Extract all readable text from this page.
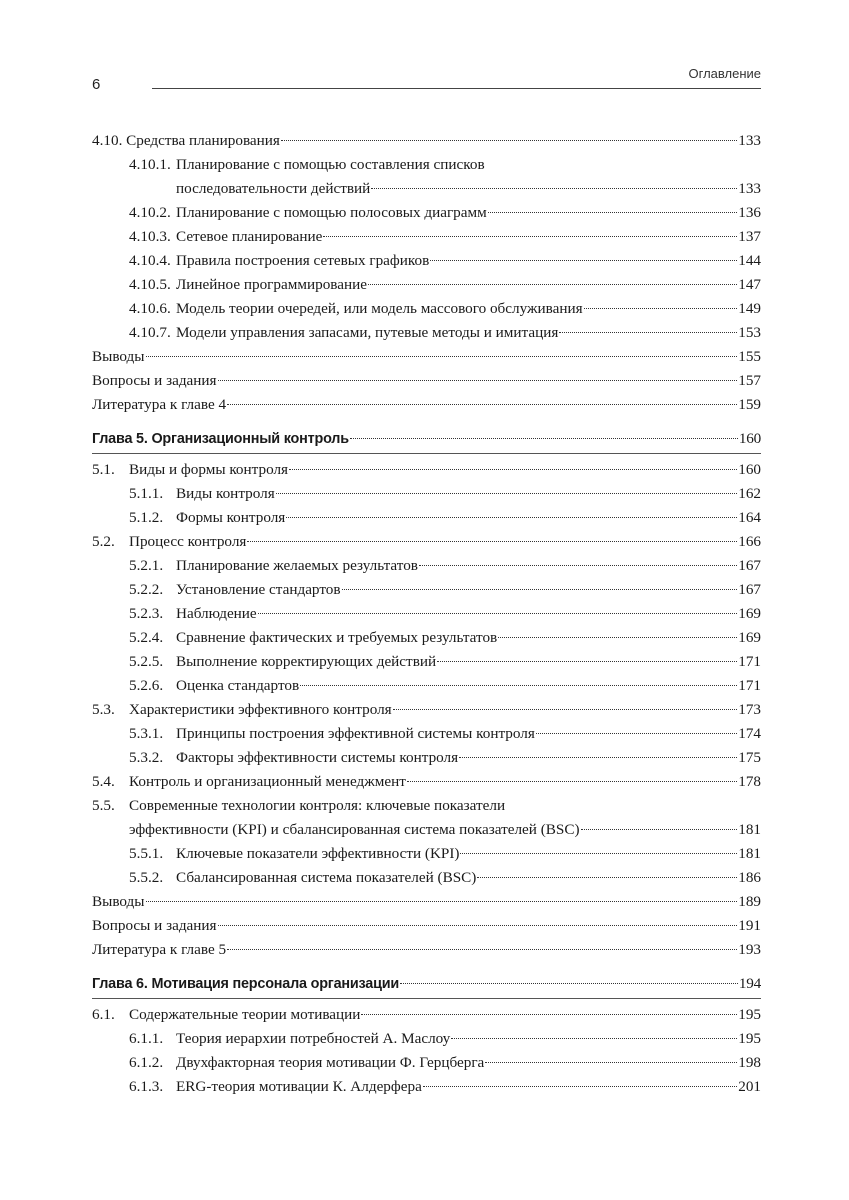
6
Оглавление
4.10. Средства планирования	133
4.10.1. Планирование с помощью составления списков
последовательности действий	133
4.10.2. Планирование с помощью полосовых диаграмм	136
4.10.3. Сетевое планирование	137
4.10.4. Правила построения сетевых графиков	144
4.10.5. Линейное программирование	147
4.10.6. Модель теории очередей, или модель массового обслуживания	149
4.10.7. Модели управления запасами, путевые методы и имитация	153
Выводы	155
Вопросы и задания	157
Литература к главе 4	159
Глава 5. Организационный контроль	160
5.1. Виды и формы контроля	160
5.1.1. Виды контроля	162
5.1.2. Формы контроля	164
5.2. Процесс контроля	166
5.2.1. Планирование желаемых результатов	167
5.2.2. Установление стандартов	167
5.2.3. Наблюдение	169
5.2.4. Сравнение фактических и требуемых результатов	169
5.2.5. Выполнение корректирующих действий	171
5.2.6. Оценка стандартов	171
5.3. Характеристики эффективного контроля	173
5.3.1. Принципы построения эффективной системы контроля	174
5.3.2. Факторы эффективности системы контроля	175
5.4. Контроль и организационный менеджмент	178
5.5. Современные технологии контроля: ключевые показатели
эффективности (KPI) и сбалансированная система показателей (BSC)	181
5.5.1. Ключевые показатели эффективности (KPI)	181
5.5.2. Сбалансированная система показателей (BSC)	186
Выводы	189
Вопросы и задания	191
Литература к главе 5	193
Глава 6. Мотивация персонала организации	194
6.1. Содержательные теории мотивации	195
6.1.1. Теория иерархии потребностей А. Маслоу	195
6.1.2. Двухфакторная теория мотивации Ф. Герцберга	198
6.1.3. ERG-теория мотивации К. Алдерфера	201
